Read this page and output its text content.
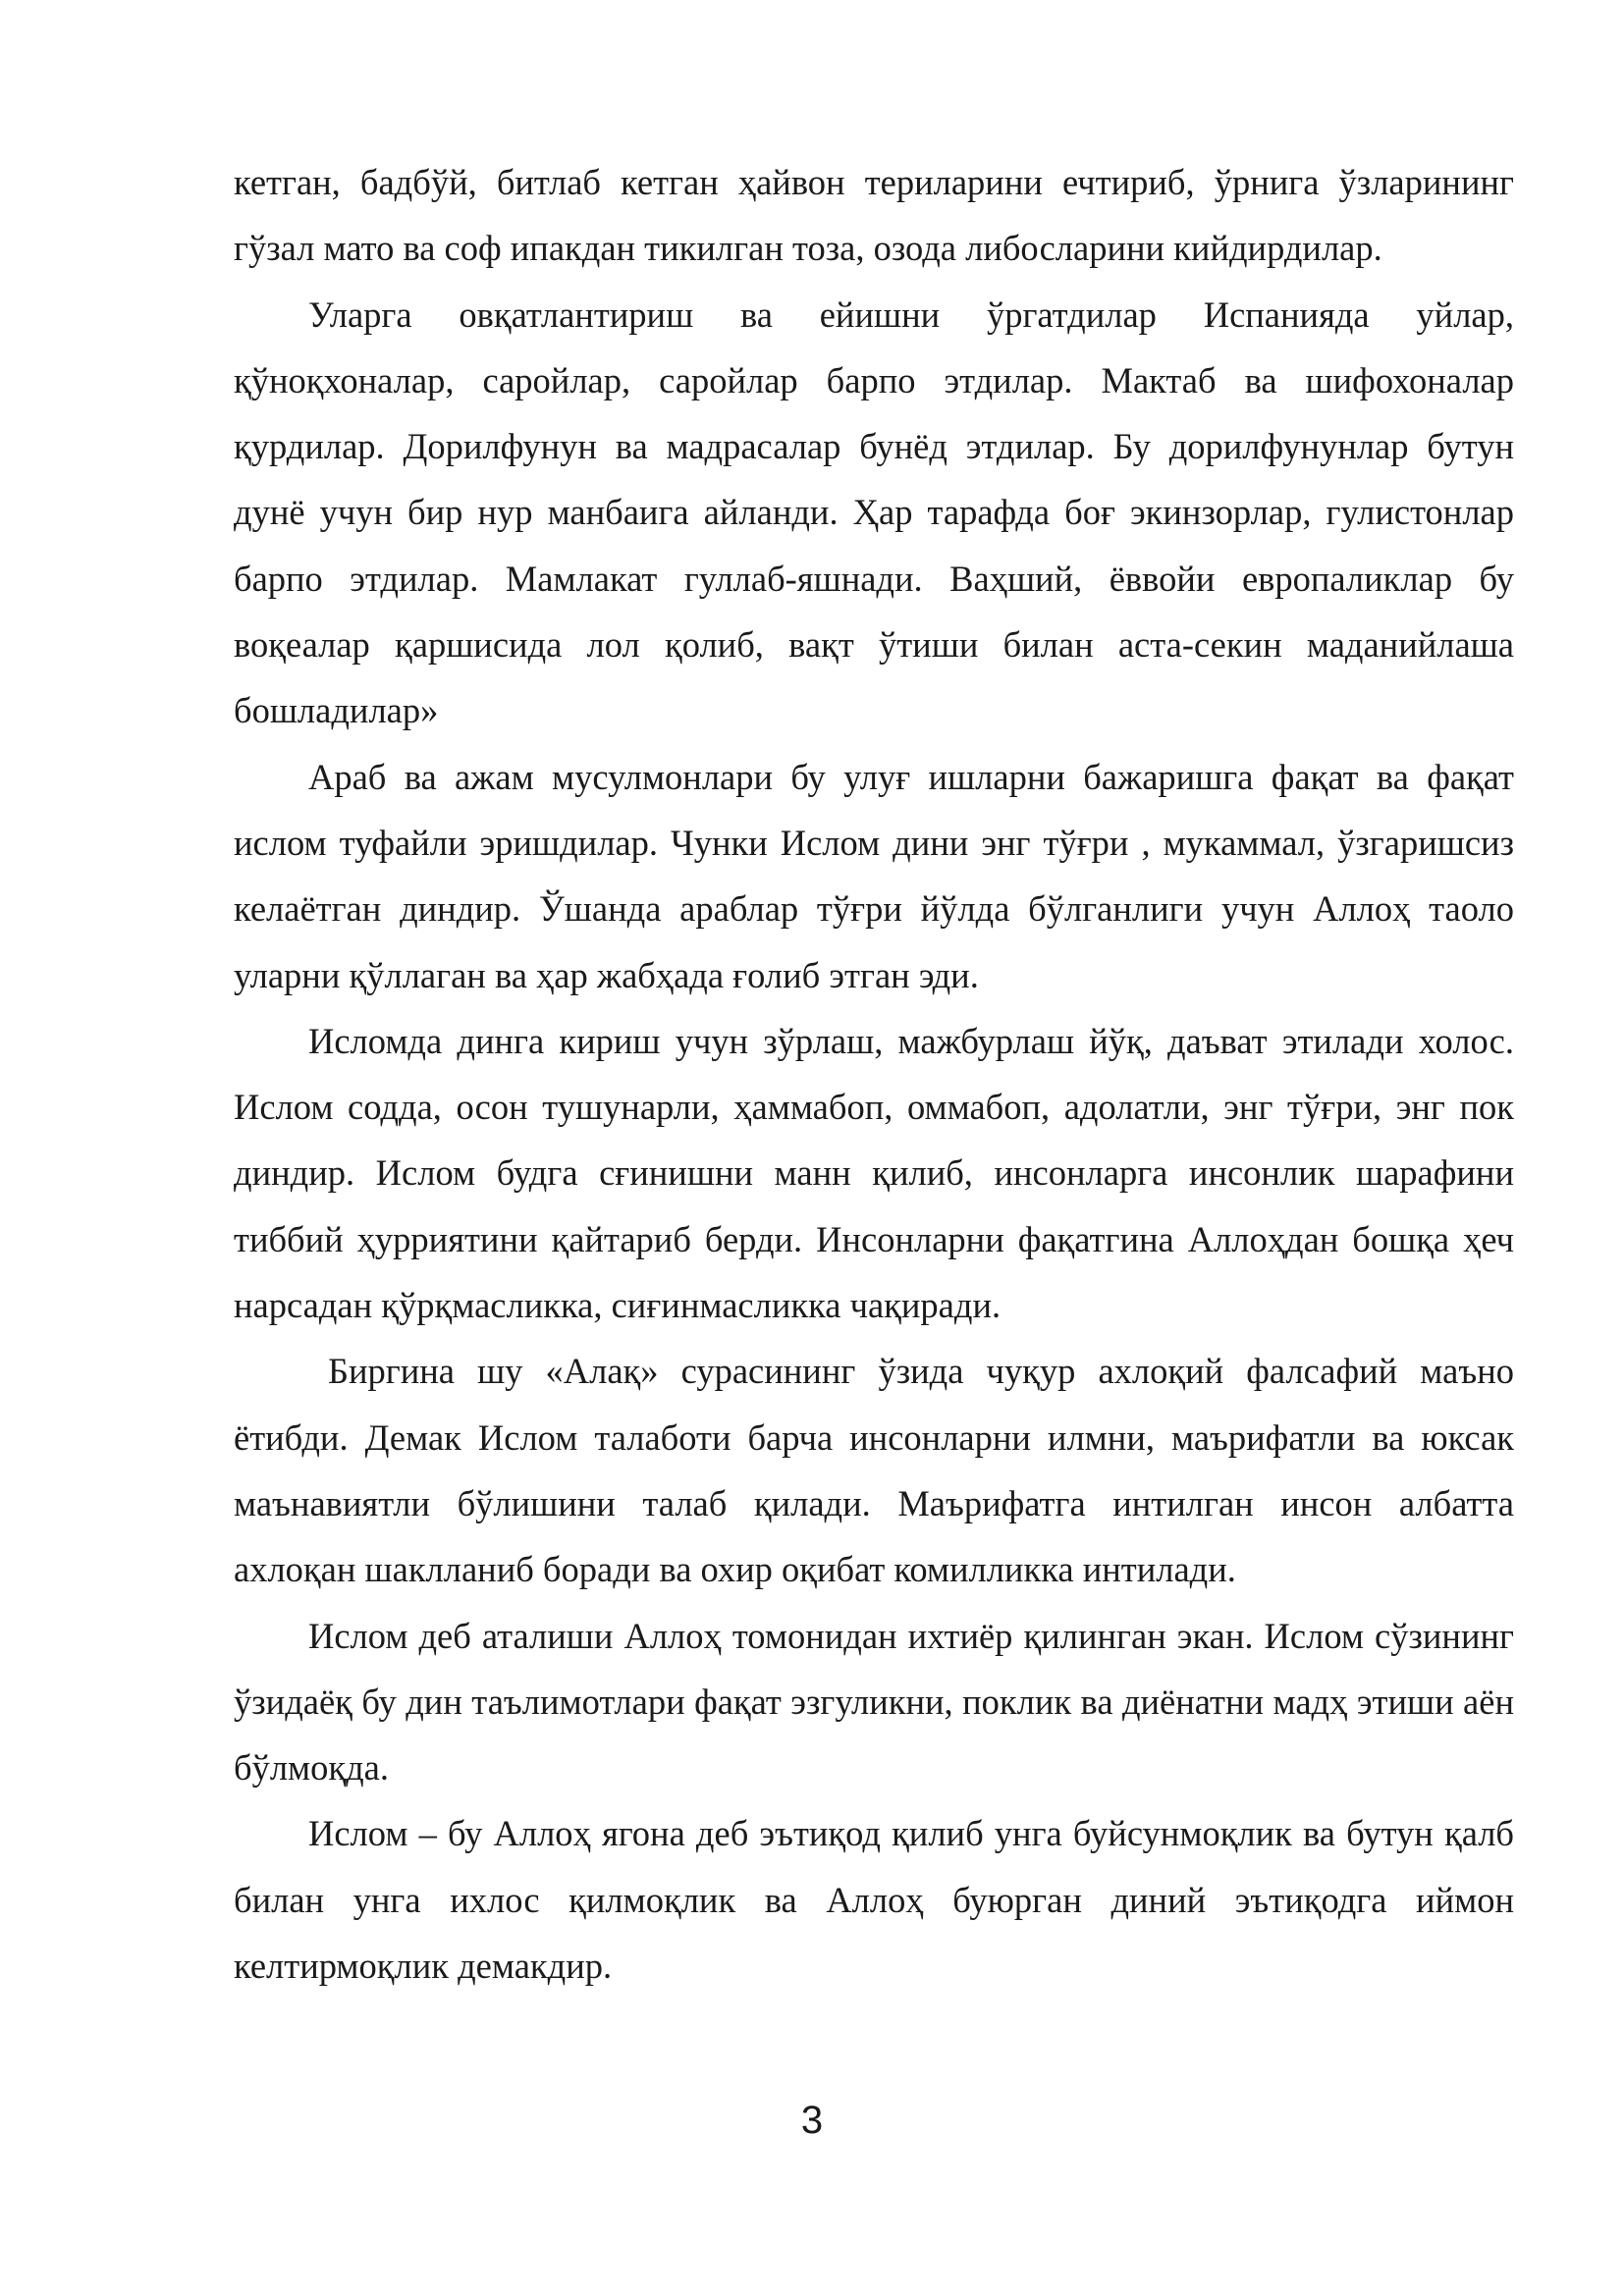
кетган, бадбўй, битлаб кетган ҳайвон териларини ечтириб, ўрнига ўзларининг гўзал мато ва соф ипакдан тикилган тоза, озода либосларини кийдирдилар.

Уларга овқатлантириш ва ейишни ўргатдилар Испанияда уйлар, қўноқхоналар, саройлар, саройлар барпо этдилар. Мактаб ва шифохоналар қурдилар. Дорилфунун ва мадрасалар бунёд этдилар. Бу дорилфунунлар бутун дунё учун бир нур манбаига айланди. Ҳар тарафда боғ экинзорлар, гулистонлар барпо этдилар. Мамлакат гуллаб-яшнади. Ваҳший, ёввойи европаликлар бу воқеалар қаршисида лол қолиб, вақт ўтиши билан аста-секин маданийлаша бошладилар»

Араб ва ажам мусулмонлари бу улуғ ишларни бажаришга фақат ва фақат ислом туфайли эришдилар. Чунки Ислом дини энг тўғри , мукаммал, ўзгаришсиз келаётган диндир. Ўшанда араблар тўғри йўлда бўлганлиги учун Аллоҳ таоло уларни қўллаган ва ҳар жабҳада ғолиб этган эди.

Исломда динга кириш учун зўрлаш, мажбурлаш йўқ, даъват этилади холос. Ислом содда, осон тушунарли, ҳаммабоп, оммабоп, адолатли, энг тўғри, энг пок диндир. Ислом будга сғинишни манн қилиб, инсонларга инсонлик шарафини тиббий ҳурриятини қайтариб берди. Инсонларни фақатгина Аллоҳдан бошқа ҳеч нарсадан қўрқмасликка, сиғинмасликка чақиради.

Биргина шу «Алақ» сурасининг ўзида чуқур ахлоқий фалсафий маъно ётибди. Демак Ислом талаботи барча инсонларни илмни, маърифатли ва юксак маънавиятли бўлишини талаб қилади. Маърифатга интилган инсон албатта ахлоқан шаклланиб боради ва охир оқибат комилликка интилади.

Ислом деб аталиши Аллоҳ томонидан ихтиёр қилинган экан. Ислом сўзининг ўзидаёқ бу дин таълимотлари фақат эзгуликни, поклик ва диёнатни мадҳ этиши аён бўлмоқда.

Ислом – бу Аллоҳ ягона деб эътиқод қилиб унга буйсунмоқлик ва бутун қалб билан унга ихлос қилмоқлик ва Аллоҳ буюрган диний эътиқодга иймон келтирмоқлик демакдир.

3
